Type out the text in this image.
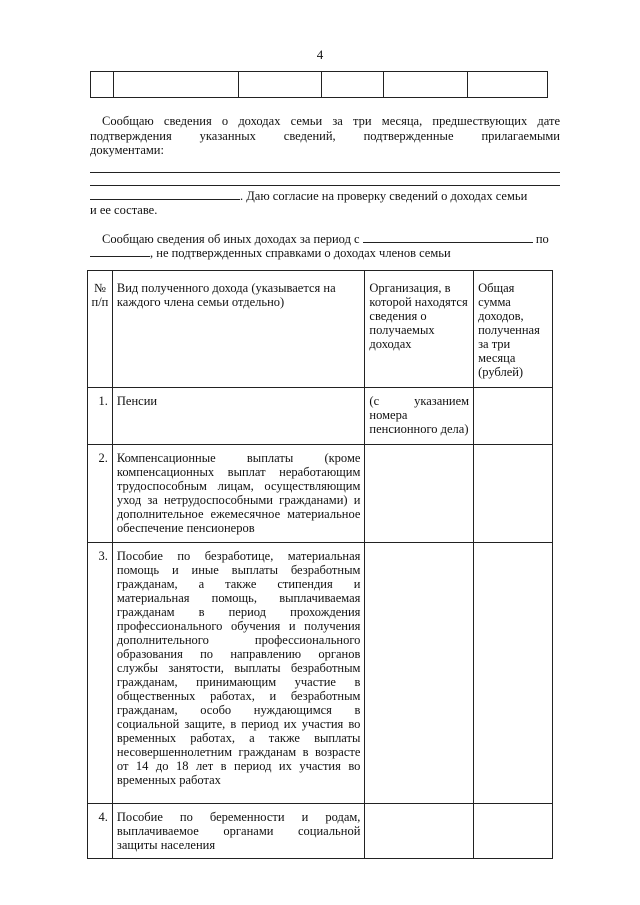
4

Сообщаю сведения о доходах семьи за три месяца, предшествующих дате
подтверждения указанных сведений, подтвержденные прилагаемыми
документами:
. Даю согласие на проверку сведений о доходах семьи
и ее составе.
Сообщаю сведения об иных доходах за период с	по
, не подтвержденных справками о доходах членов семьи
№ п/п	Вид полученного дохода (указывается на каждого члена семьи отдельно)	Организация, в которой находятся сведения о получаемых доходах	Общая сумма доходов, полученная за три месяца (рублей)
1.	Пенсии	(с указанием номера пенсионного дела)	
2.	Компенсационные выплаты (кроме компенсационных выплат неработающим трудоспособным лицам, осуществляющим уход за нетрудоспособными гражданами) и дополнительное ежемесячное материальное обеспечение пенсионеров		
3.	Пособие по безработице, материальная помощь и иные выплаты безработным гражданам, а также стипендия и материальная помощь, выплачиваемая гражданам в период прохождения профессионального обучения и получения дополнительного профессионального образования по направлению органов службы занятости, выплаты безработным гражданам, принимающим участие в общественных работах, и безработным гражданам, особо нуждающимся в социальной защите, в период их участия во временных работах, а также выплаты несовершеннолетним гражданам в возрасте от 14 до 18 лет в период их участия во временных работах		
4.	Пособие по беременности и родам, выплачиваемое органами социальной защиты населения		
